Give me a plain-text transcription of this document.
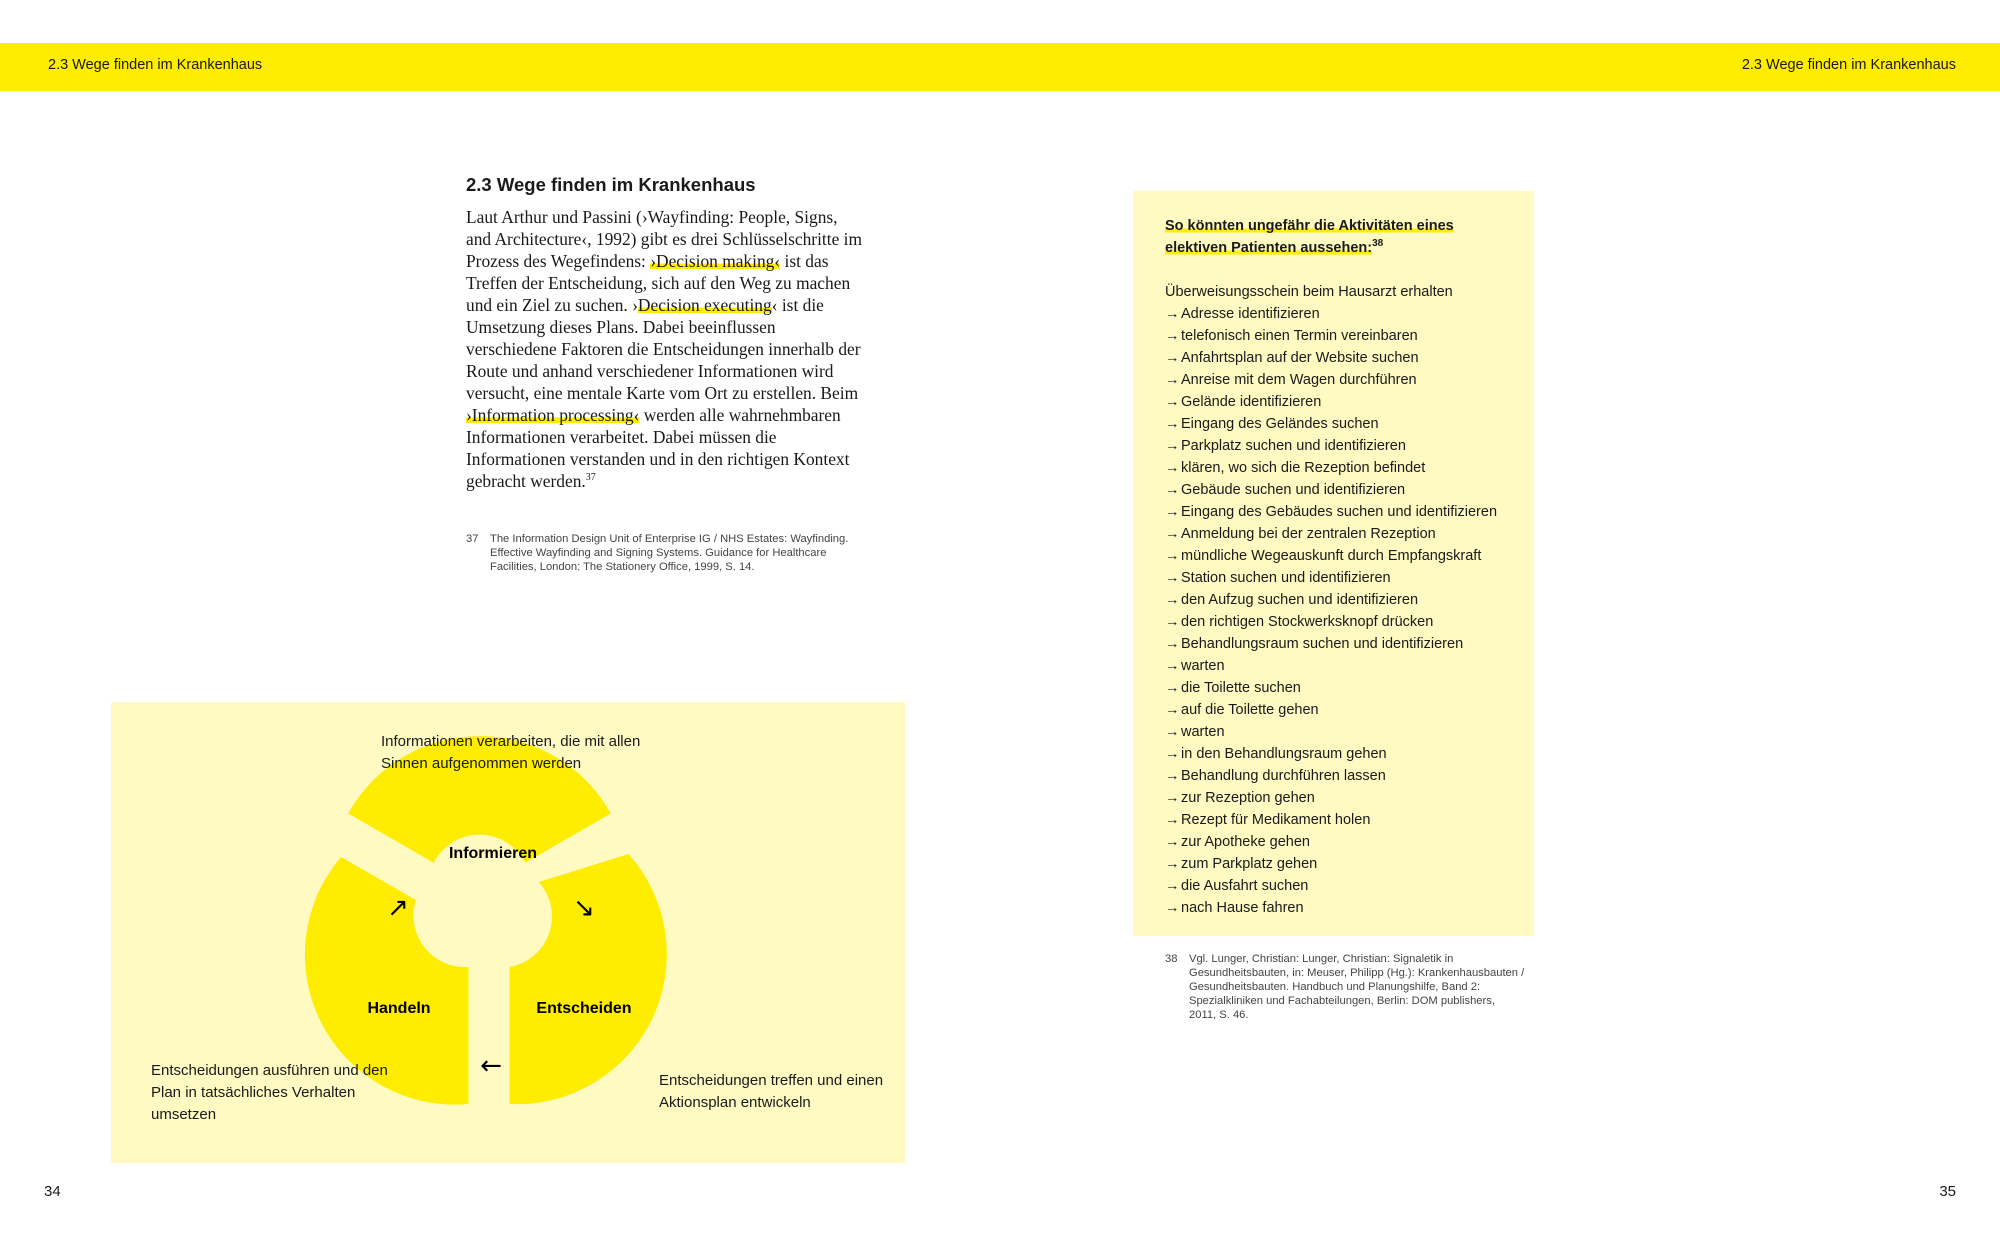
2.3 Wege finden im Krankenhaus	2.3 Wege finden im Krankenhaus
2.3 Wege finden im Krankenhaus

Laut Arthur und Passini (›Wayfinding: People, Signs, and Architecture‹, 1992) gibt es drei Schlüsselschritte im Prozess des Wegefindens: ›Decision making‹ ist das Treffen der Entscheidung, sich auf den Weg zu machen und ein Ziel zu suchen. ›Decision executing‹ ist die Umsetzung dieses Plans. Dabei beeinflussen verschiedene Faktoren die Entscheidungen innerhalb der Route und anhand verschiedener Informationen wird versucht, eine mentale Karte vom Ort zu erstellen. Beim ›Information processing‹ werden alle wahrnehmbaren Informationen verarbeitet. Dabei müssen die Informationen verstanden und in den richtigen Kontext gebracht werden.$^{37}$

37 The Information Design Unit of Enterprise IG / NHS Estates: Wayfinding. Effective Wayfinding and Signing Systems. Guidance for Healthcare Facilities, London: The Stationery Office, 1999, S. 14.
Informieren
Entscheiden
Handeln
↗	↘
←
Informationen verarbeiten, die mit allen Sinnen aufgenommen werden
Entscheidungen ausführen und den Plan in tatsächliches Verhalten umsetzen
Entscheidungen treffen und einen Aktionsplan entwickeln
34
So könnten ungefähr die Aktivitäten eines elektiven Patienten aussehen:$^{38}$
Überweisungsschein beim Hausarzt erhalten
→ Adresse identifizieren
→ telefonisch einen Termin vereinbaren
→ Anfahrtsplan auf der Website suchen
→ Anreise mit dem Wagen durchführen
→ Gelände identifizieren
→ Eingang des Geländes suchen
→ Parkplatz suchen und identifizieren
→ klären, wo sich die Rezeption befindet
→ Gebäude suchen und identifizieren
→ Eingang des Gebäudes suchen und identifizieren
→ Anmeldung bei der zentralen Rezeption
→ mündliche Wegeauskunft durch Empfangskraft
→ Station suchen und identifizieren
→ den Aufzug suchen und identifizieren
→ den richtigen Stockwerksknopf drücken
→ Behandlungsraum suchen und identifizieren
→ warten
→ die Toilette suchen
→ auf die Toilette gehen
→ warten
→ in den Behandlungsraum gehen
→ Behandlung durchführen lassen
→ zur Rezeption gehen
→ Rezept für Medikament holen
→ zur Apotheke gehen
→ zum Parkplatz gehen
→ die Ausfahrt suchen
→ nach Hause fahren
38 Vgl. Lunger, Christian: Lunger, Christian: Signaletik in Gesundheitsbauten, in: Meuser, Philipp (Hg.): Krankenhausbauten / Gesundheitsbauten. Handbuch und Planungshilfe, Band 2: Spezialkliniken und Fachabteilungen, Berlin: DOM publishers, 2011, S. 46.
35
